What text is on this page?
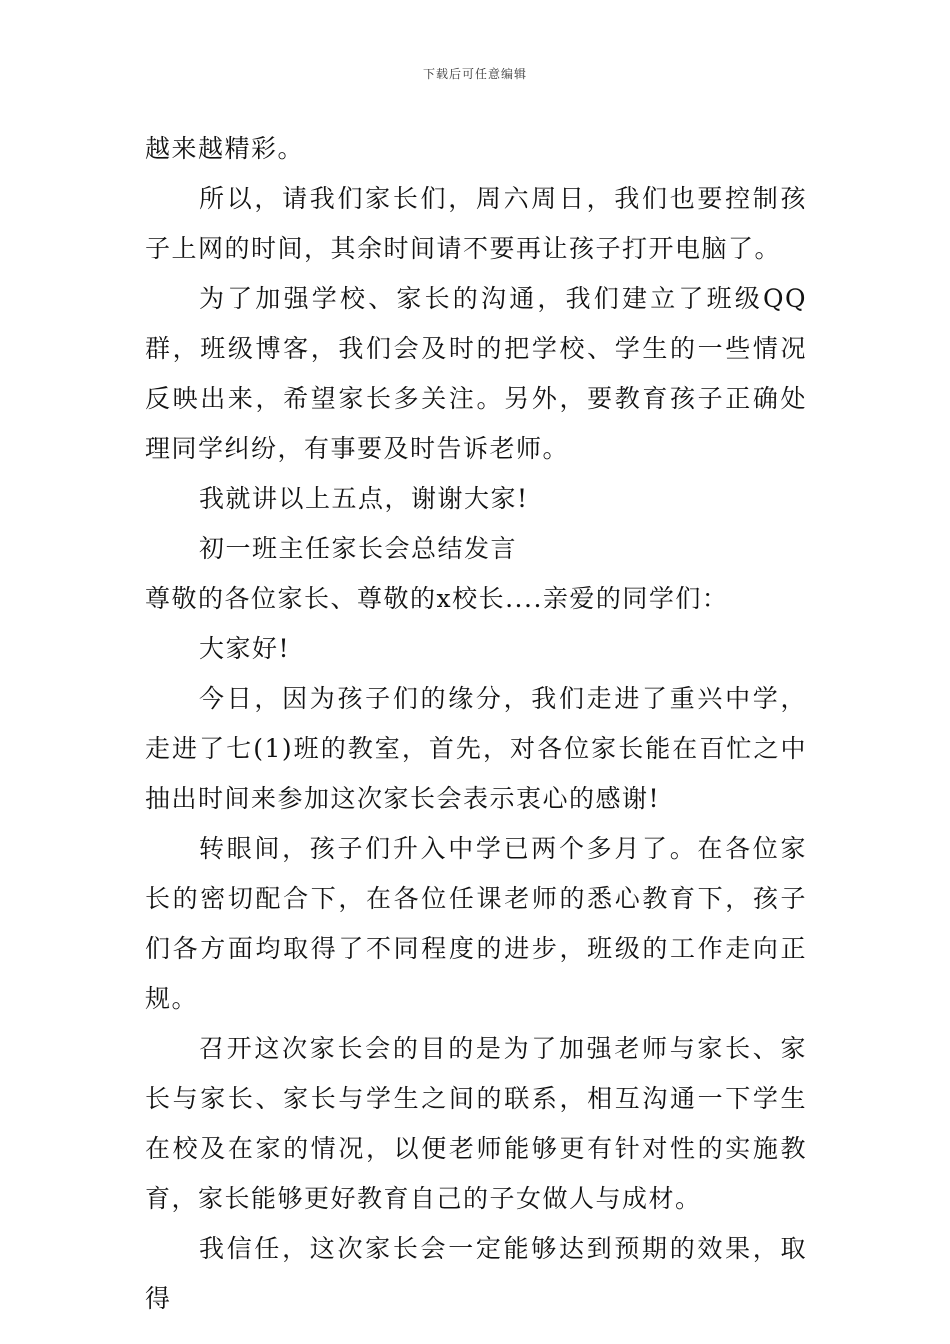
下载后可任意编辑

越来越精彩。

所以，请我们家长们，周六周日，我们也要控制孩子上网的时间，其余时间请不要再让孩子打开电脑了。

为了加强学校、家长的沟通，我们建立了班级QQ群，班级博客，我们会及时的把学校、学生的一些情况反映出来，希望家长多关注。另外，要教育孩子正确处理同学纠纷，有事要及时告诉老师。

我就讲以上五点，谢谢大家!

初一班主任家长会总结发言

尊敬的各位家长、尊敬的x校长....亲爱的同学们：

大家好!

今日，因为孩子们的缘分，我们走进了重兴中学，走进了七(1)班的教室，首先，对各位家长能在百忙之中抽出时间来参加这次家长会表示衷心的感谢!

转眼间，孩子们升入中学已两个多月了。在各位家长的密切配合下，在各位任课老师的悉心教育下，孩子们各方面均取得了不同程度的进步，班级的工作走向正规。

召开这次家长会的目的是为了加强老师与家长、家长与家长、家长与学生之间的联系，相互沟通一下学生在校及在家的情况，以便老师能够更有针对性的实施教育，家长能够更好教育自己的子女做人与成材。

我信任，这次家长会一定能够达到预期的效果，取得
